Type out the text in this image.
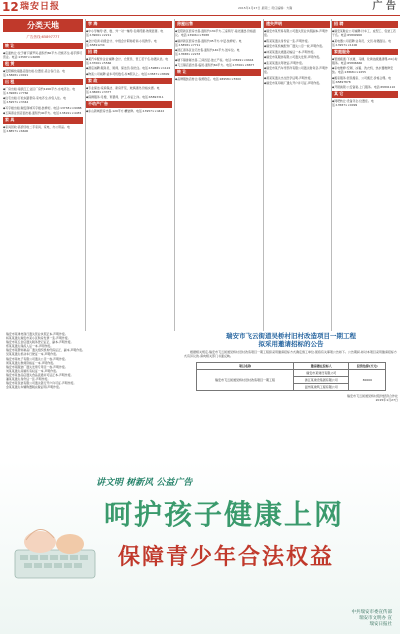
12 瑞安日报	2015年1月27日 星期二 责任编辑：方胸	广 告
分类天地
广告热线:65897777
转 让
◆店面转让:位于塘下镇罗凤,面积约60平方,设施齐全,接手即可营业。电话:13587××6688
租 赁
◆安阳解放南路店面出租,位置佳,适合各行业。电话:15868××0021
出 租
◆厂房出租:南滨江工业区厂房约1200平方,水电齐全。电话:13968××7766
◆住宅出租:万松东路套房,家电齐全,拎包入住。电话:15957××3344
◆写字楼出租:瑞安商城写字楼,装修好。电话:13738××9988
◆玉海商业街店面出租,面积约40平方。电话:13819××4455
家 具
◆家具回收:高价回收二手家具、家电、办公用品。电话:18857××6600
学 海
◆中小学辅导:语、数、外一对一辅导,名师授课,效果显著。电话:13906××2211
◆会计培训:初级会计、中级会计职称培训,小班教学。电话:65891234
招 聘
◆某汽车配件企业诚聘:会计、仓管员、普工若干名,待遇从优。电话:13706××5566
◆酒店诚聘:服务员、厨师、保洁员,包吃住。电话:15988××1122
◆物流公司诚聘:货车司机数名,持B照以上。电话:13587××8899
家 政
◆专业保洁:家庭保洁、新房开荒、玻璃清洗,价格实惠。电话:13868××3377
◆保姆服务:月嫂、育婴师、护工,持证上岗。电话:65893311
不动产广告
◆东山新城套房出售,120平方,精装修。电话:13957××4422
房屋出售
◆安阳新区套房出售,面积约130平方,三室两厅,南北通透,价格面议。电话:13906××5588
◆瑞祥新区套房出售,面积约95平方,中层,装修好。电话:15858××7711
◆滨江商务区住宅出售,面积约140平方,送车位。电话:13588××2233
◆塘下镇排屋出售,三间四层,独立产权。电话:13819××6644
◆飞云镇店面出售,临街,面积约60平方。电话:13706××8877
转 让
◆品牌服装店转让,客源稳定。电话:18958××5500
遗失声明
◆瑞安市某贸易有限公司遗失营业执照副本,声明作废。
◆陈某某遗失身份证一张,声明作废。
◆瑞安市某机械配件厂遗失公章一枚,声明作废。
◆林某某遗失道路运输证一本,声明作废。
◆瑞安市某服饰有限公司遗失发票,声明作废。
◆张某某遗失驾驶证,声明作废。
◆瑞安市某汽车零部件有限公司遗失财务章,声明作废。
◆黄某某遗失出生医学证明,声明作废。
◆瑞安市某印刷厂遗失开户许可证,声明作废。
招 聘
◆瑞安某鞋业公司诚聘:针车工、成型工、包装工若干名。电话:65899900
◆某电器公司招聘:业务员、文员,待遇面议。电话:13957××1100
家庭服务
◆管道疏通:下水道、马桶、化粪池疏通清理,24小时服务。电话:65896666
◆家电维修:空调、冰箱、洗衣机、热水器维修安装。电话:13868××2255
◆搬家服务:居民搬家、公司搬迁,价格合理。电话:65897878
◆开锁换锁:公安备案,上门服务。电话:65891110
其 它
◆网吧转让:设备齐全,位置佳。电话:13587××0099
瑞安市某建材商行遗失营业执照正本,声明作废。
杨某某遗失瑞安市某小区购房发票一张,声明作废。
瑞安市某五金店遗失税务登记证正、副本,声明作废。
郑某某遗失残疾人证一本,声明作废。
瑞安市某塑料制品厂遗失组织机构代码证正、副本,声明作废。
吴某某遗失机动车行驶证一本,声明作废。
瑞安市某电子有限公司遗失公章一枚,声明作废。
周某某遗失教师资格证一本,声明作废。
瑞安市某服装厂遗失发票专用章一枚,声明作废。
刘某某遗失房屋所有权证一本,声明作废。
瑞安市某食品店遗失食品流通许可证正本,声明作废。
潘某某遗失身份证一张,声明作废。
瑞安市某包装有限公司遗失银行开户许可证,声明作废。
金某某遗失车辆购置税完税证明,声明作废。
瑞安市飞云街道吴桥村旧村改造项目一期工程
拟采用邀请招标的公告

根据相关规定,瑞安市飞云街道吴桥村旧村改造项目一期工程拟采用邀请招标方式确定施工单位,现将有关事项公告如下。公告期间,如对本项目采用邀请招标方式有异议的,请向相关部门书面反映。

项目名称	邀请潜在投标人	投资估算(万元)
瑞安市飞云街道吴桥村旧村改造项目一期工程	瑞安市某建设有限公司	30000
	浙江某建设集团有限公司	
	温州某建筑工程有限公司	
瑞安市飞云街道吴桥村股份经济合作社
2015年1月27日
讲文明 树新风 公益广告
呵护孩子健康上网
保障青少年合法权益
中共瑞安市委宣传部
瑞安市文明办 宣
瑞安日报社
